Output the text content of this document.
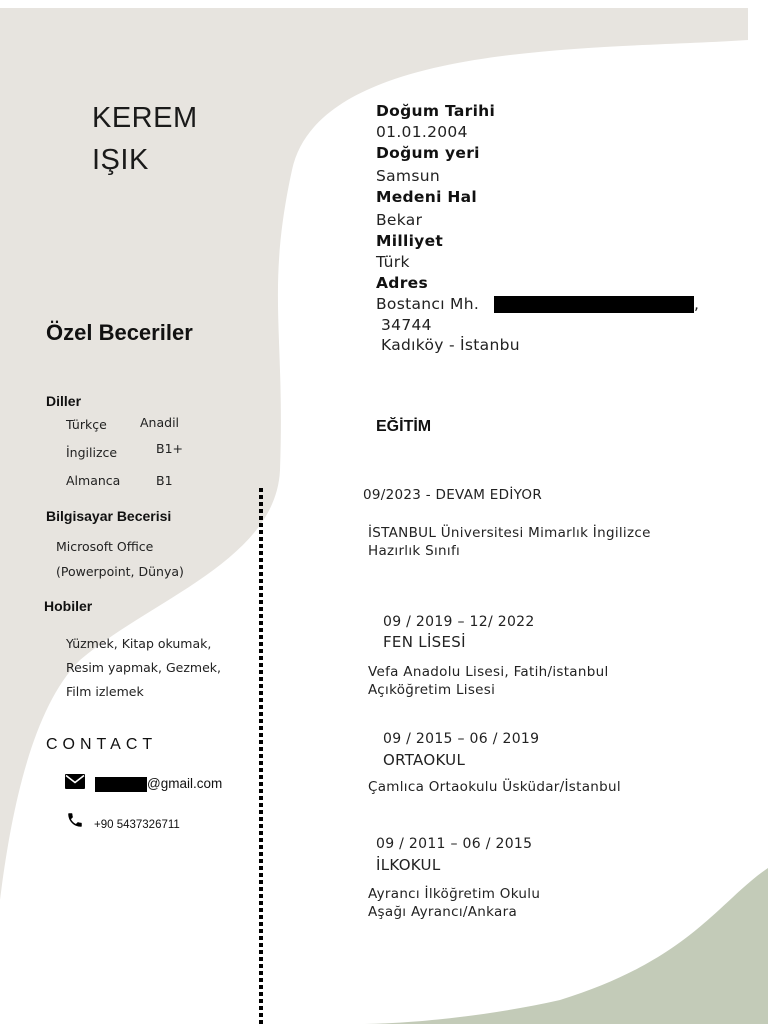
KEREM
IŞIK
Özel Beceriler
Diller
Türkçe	Anadil
İngilizce	B1+
Almanca	B1
Bilgisayar Becerisi
Microsoft Office
(Powerpoint, Dünya)
Hobiler
Yüzmek, Kitap okumak,
Resim yapmak, Gezmek,
Film izlemek
CONTACT
@gmail.com
+90 5437326711
Doğum Tarihi
01.01.2004
Doğum yeri
Samsun
Medeni Hal
Bekar
Milliyet
Türk
Adres
Bostancı Mh.	,
34744
Kadıköy - İstanbu
EĞİTİM
09/2023 - DEVAM EDİYOR
İSTANBUL Üniversitesi Mimarlık İngilizce
Hazırlık Sınıfı
09 / 2019 – 12/ 2022
FEN LİSESİ
Vefa Anadolu Lisesi, Fatih/istanbul
Açıköğretim Lisesi
09 / 2015 – 06 / 2019
ORTAOKUL
Çamlıca Ortaokulu Üsküdar/İstanbul
09 / 2011 – 06 / 2015
İLKOKUL
Ayrancı İlköğretim Okulu
Aşağı Ayrancı/Ankara
